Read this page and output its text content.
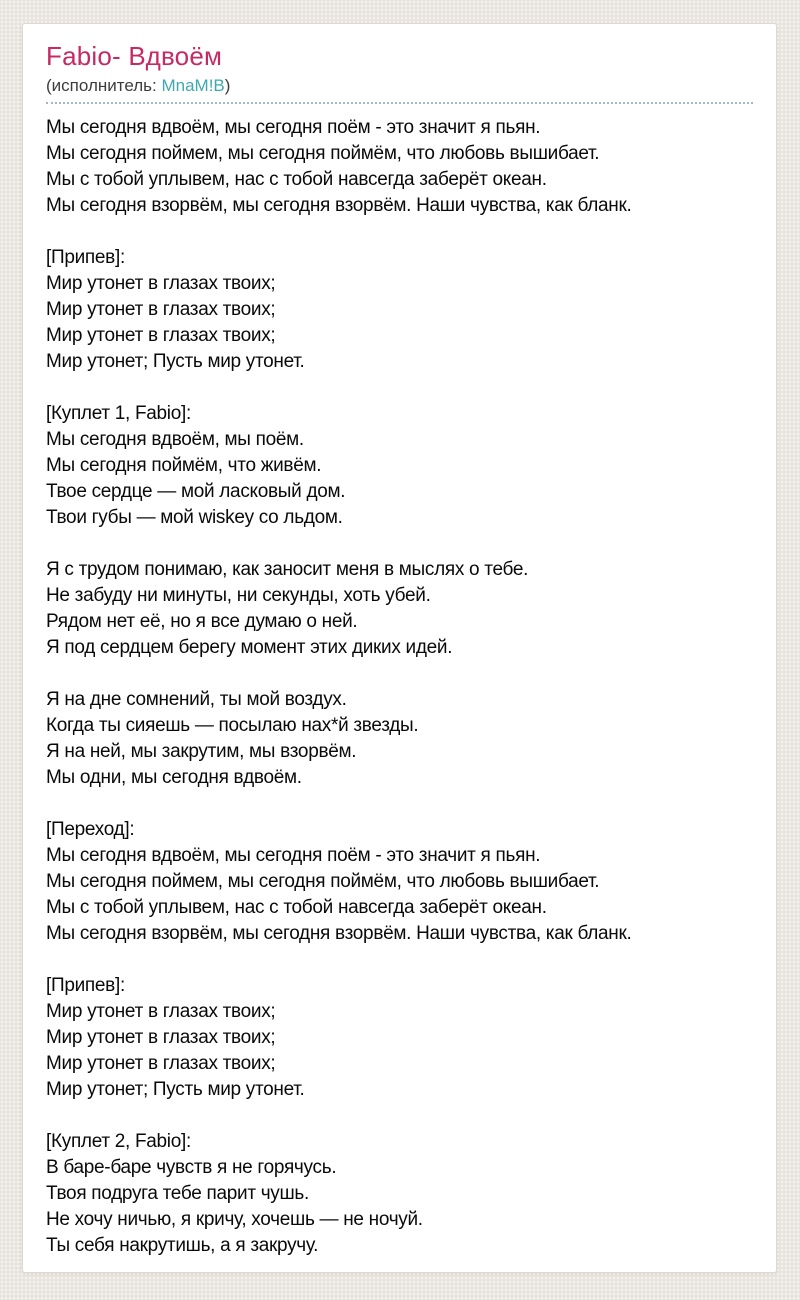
Fabio- Вдвоём
(исполнитель: MnaM!B)

Мы сегодня вдвоём, мы сегодня поём - это значит я пьян.
Мы сегодня поймем, мы сегодня поймём, что любовь вышибает.
Мы с тобой уплывем, нас с тобой навсегда заберёт океан.
Мы сегодня взорвём, мы сегодня взорвём. Наши чувства, как бланк.

[Припев]:
Мир утонет в глазах твоих;
Мир утонет в глазах твоих;
Мир утонет в глазах твоих;
Мир утонет; Пусть мир утонет.

[Куплет 1, Fabio]:
Мы сегодня вдвоём, мы поём.
Мы сегодня поймём, что живём.
Твое сердце — мой ласковый дом.
Твои губы — мой wiskey со льдом.

Я с трудом понимаю, как заносит меня в мыслях о тебе.
Не забуду ни минуты, ни секунды, хоть убей.
Рядом нет её, но я все думаю о ней.
Я под сердцем берегу момент этих диких идей.

Я на дне сомнений, ты мой воздух.
Когда ты сияешь — посылаю нах*й звезды.
Я на ней, мы закрутим, мы взорвём.
Мы одни, мы сегодня вдвоём.

[Переход]:
Мы сегодня вдвоём, мы сегодня поём - это значит я пьян.
Мы сегодня поймем, мы сегодня поймём, что любовь вышибает.
Мы с тобой уплывем, нас с тобой навсегда заберёт океан.
Мы сегодня взорвём, мы сегодня взорвём. Наши чувства, как бланк.

[Припев]:
Мир утонет в глазах твоих;
Мир утонет в глазах твоих;
Мир утонет в глазах твоих;
Мир утонет; Пусть мир утонет.

[Куплет 2, Fabio]:
В баре-баре чувств я не горячусь.
Твоя подруга тебе парит чушь.
Не хочу ничью, я кричу, хочешь — не ночуй.
Ты себя накрутишь, а я закручу.
